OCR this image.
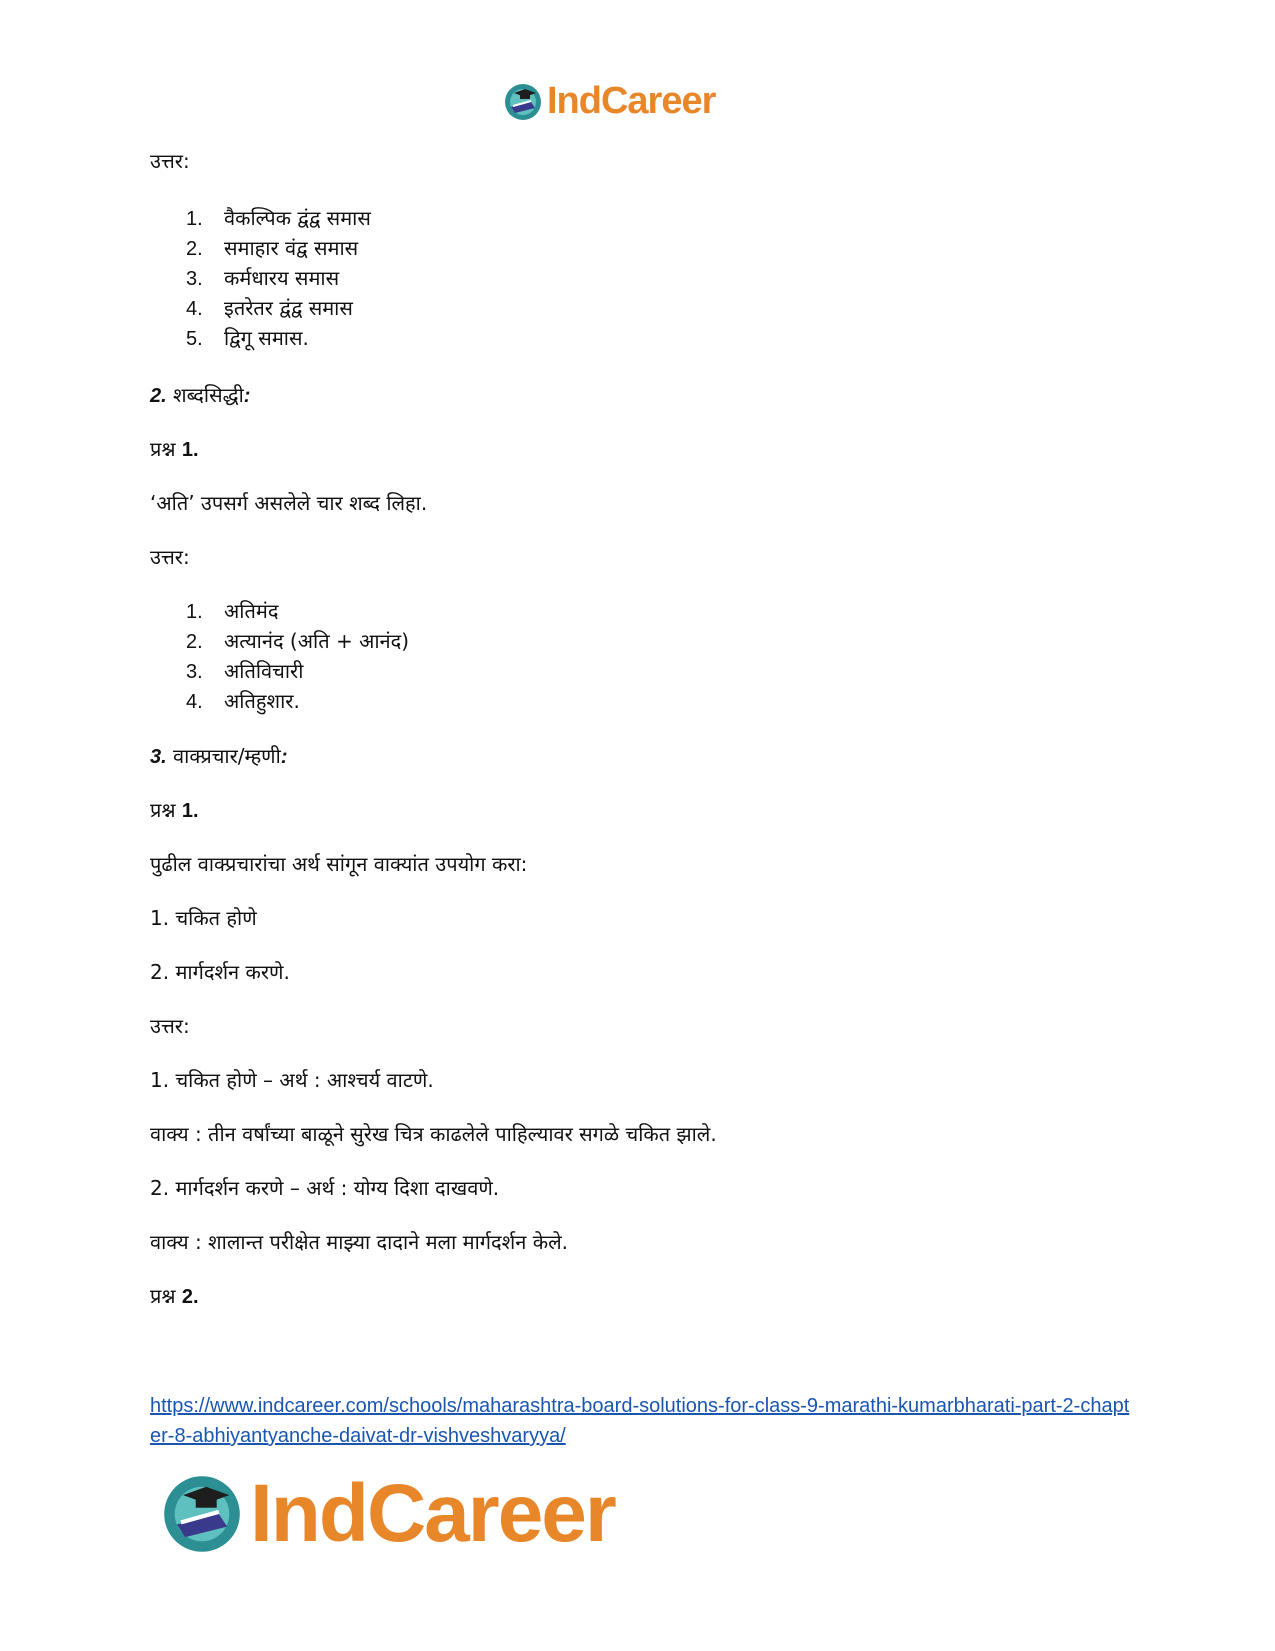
IndCareer
उत्तर:
1. वैकल्पिक द्वंद्व समास
2. समाहार वंद्व समास
3. कर्मधारय समास
4. इतरेतर द्वंद्व समास
5. द्विगू समास.
2. शब्दसिद्धी:
प्रश्न 1.
‘अति’ उपसर्ग असलेले चार शब्द लिहा.
उत्तर:
1. अतिमंद
2. अत्यानंद (अति + आनंद)
3. अतिविचारी
4. अतिहुशार.
3. वाक्प्रचार/म्हणी:
प्रश्न 1.
पुढील वाक्प्रचारांचा अर्थ सांगून वाक्यांत उपयोग करा:
1. चकित होणे
2. मार्गदर्शन करणे.
उत्तर:
1. चकित होणे – अर्थ : आश्चर्य वाटणे.
वाक्य : तीन वर्षांच्या बाळूने सुरेख चित्र काढलेले पाहिल्यावर सगळे चकित झाले.
2. मार्गदर्शन करणे – अर्थ : योग्य दिशा दाखवणे.
वाक्य : शालान्त परीक्षेत माझ्या दादाने मला मार्गदर्शन केले.
प्रश्न 2.
https://www.indcareer.com/schools/maharashtra-board-solutions-for-class-9-marathi-kumarbharati-part-2-chapter-8-abhiyantyanche-daivat-dr-vishveshvaryya/
IndCareer
